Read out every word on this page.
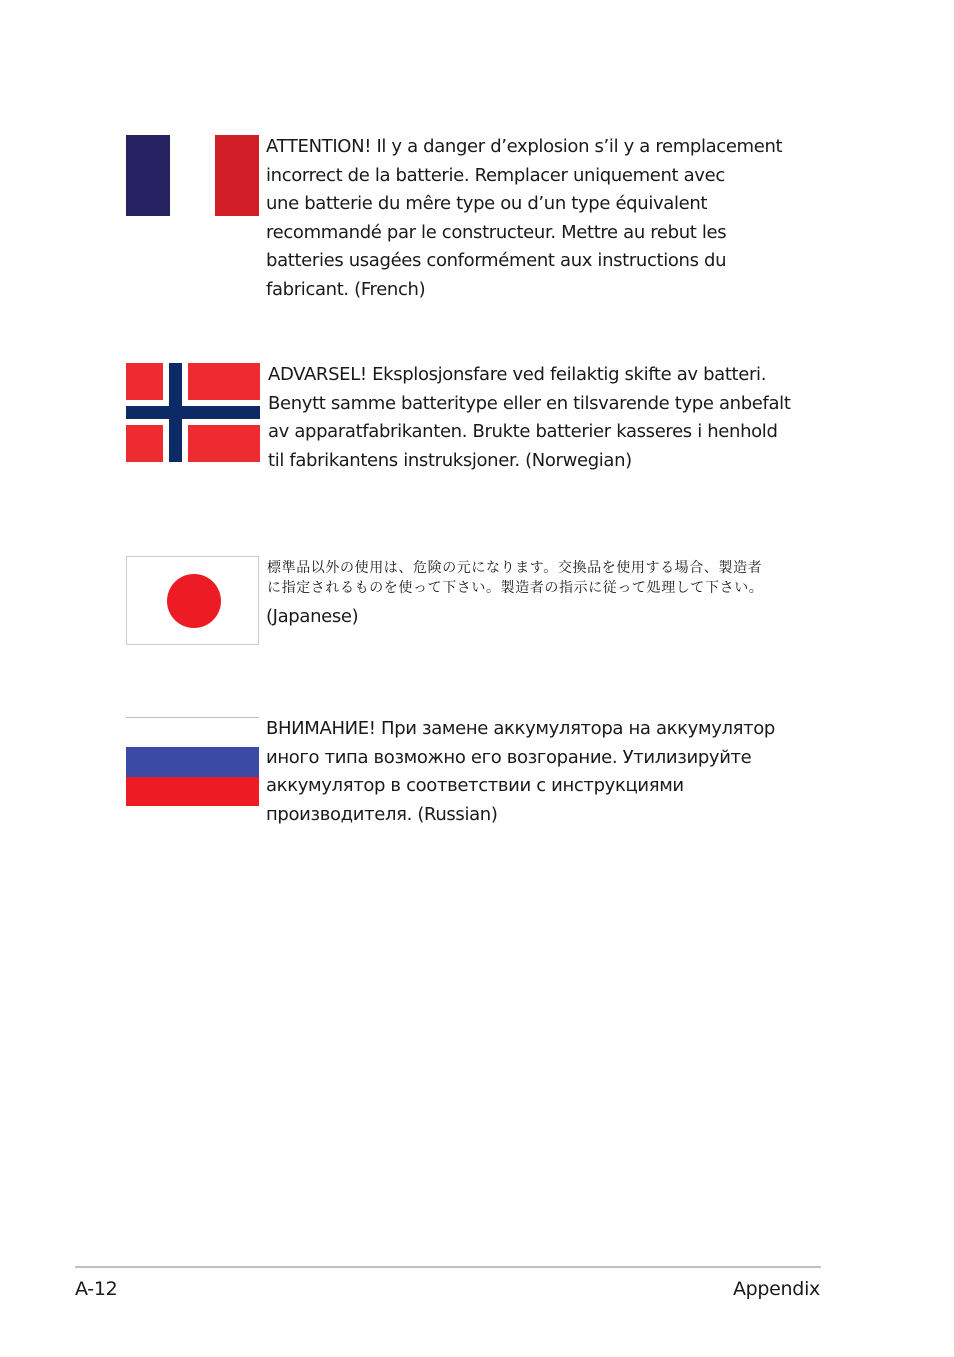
ATTENTION! Il y a danger d’explosion s’il y a remplacement
incorrect de la batterie. Remplacer uniquement avec
une batterie du mêre type ou d’un type équivalent
recommandé par le constructeur. Mettre au rebut les
batteries usagées conformément aux instructions du
fabricant. (French)

ADVARSEL! Eksplosjonsfare ved feilaktig skifte av batteri.
Benytt samme batteritype eller en tilsvarende type anbefalt
av apparatfabrikanten. Brukte batterier kasseres i henhold
til fabrikantens instruksjoner. (Norwegian)

標準品以外の使用は、危険の元になります。交換品を使用する場合、製造者
に指定されるものを使って下さい。製造者の指示に従って処理して下さい。

(Japanese)

ВНИМАНИЕ! При замене аккумулятора на аккумулятор
иного типа возможно его возгорание. Утилизируйте
аккумулятор в соответствии с инструкциями
производителя. (Russian)

A-12	Appendix
